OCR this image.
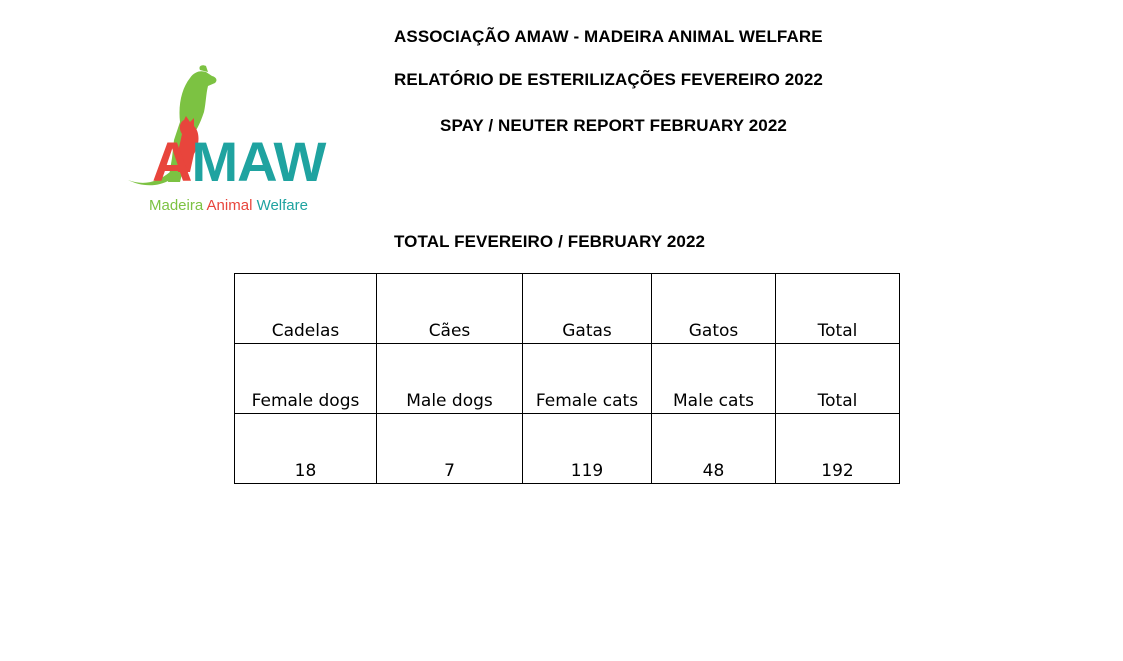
ASSOCIAÇÃO AMAW - MADEIRA ANIMAL WELFARE
RELATÓRIO DE ESTERILIZAÇÕES FEVEREIRO 2022
SPAY / NEUTER REPORT FEBRUARY 2022
AMAW
Madeira Animal Welfare
TOTAL FEVEREIRO / FEBRUARY 2022
Cadelas	Cães	Gatas	Gatos	Total
Female dogs	Male dogs	Female cats	Male cats	Total
18	7	119	48	192
